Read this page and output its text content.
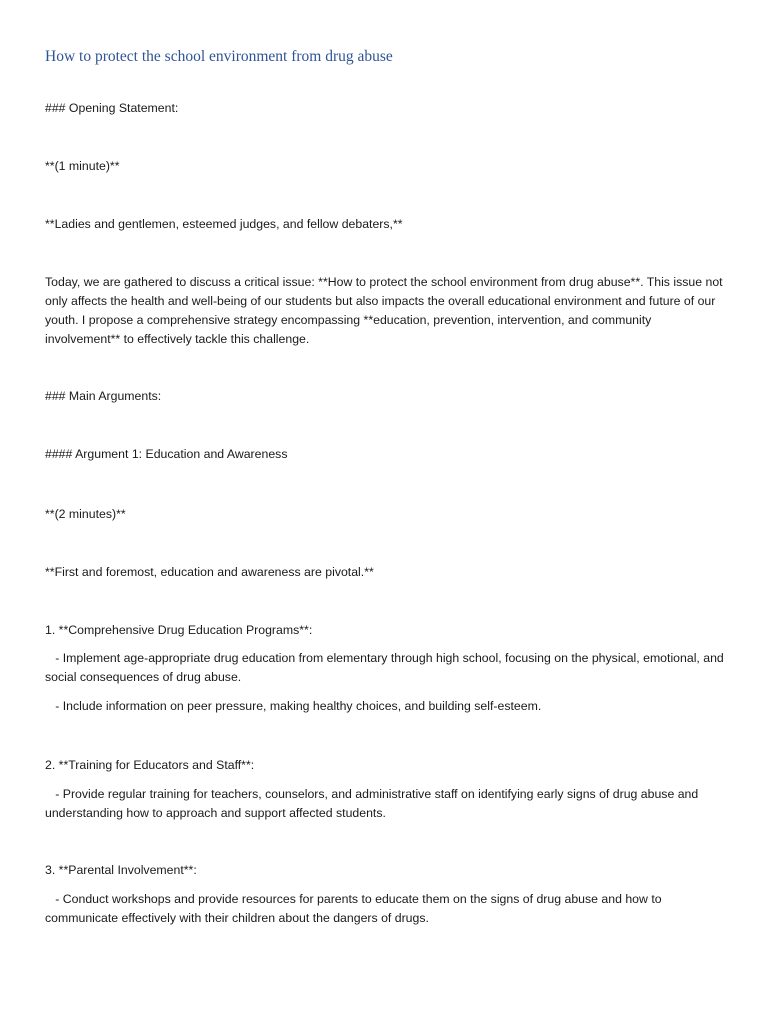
How to protect the school environment from drug abuse

### Opening Statement:

**(1 minute)**

**Ladies and gentlemen, esteemed judges, and fellow debaters,**

Today, we are gathered to discuss a critical issue: **How to protect the school environment from drug abuse**. This issue not only affects the health and well-being of our students but also impacts the overall educational environment and future of our youth. I propose a comprehensive strategy encompassing **education, prevention, intervention, and community involvement** to effectively tackle this challenge.

### Main Arguments:

#### Argument 1: Education and Awareness

**(2 minutes)**

**First and foremost, education and awareness are pivotal.**

1. **Comprehensive Drug Education Programs**:

- Implement age-appropriate drug education from elementary through high school, focusing on the physical, emotional, and social consequences of drug abuse.

- Include information on peer pressure, making healthy choices, and building self-esteem.

2. **Training for Educators and Staff**:

- Provide regular training for teachers, counselors, and administrative staff on identifying early signs of drug abuse and understanding how to approach and support affected students.

3. **Parental Involvement**:

- Conduct workshops and provide resources for parents to educate them on the signs of drug abuse and how to communicate effectively with their children about the dangers of drugs.
